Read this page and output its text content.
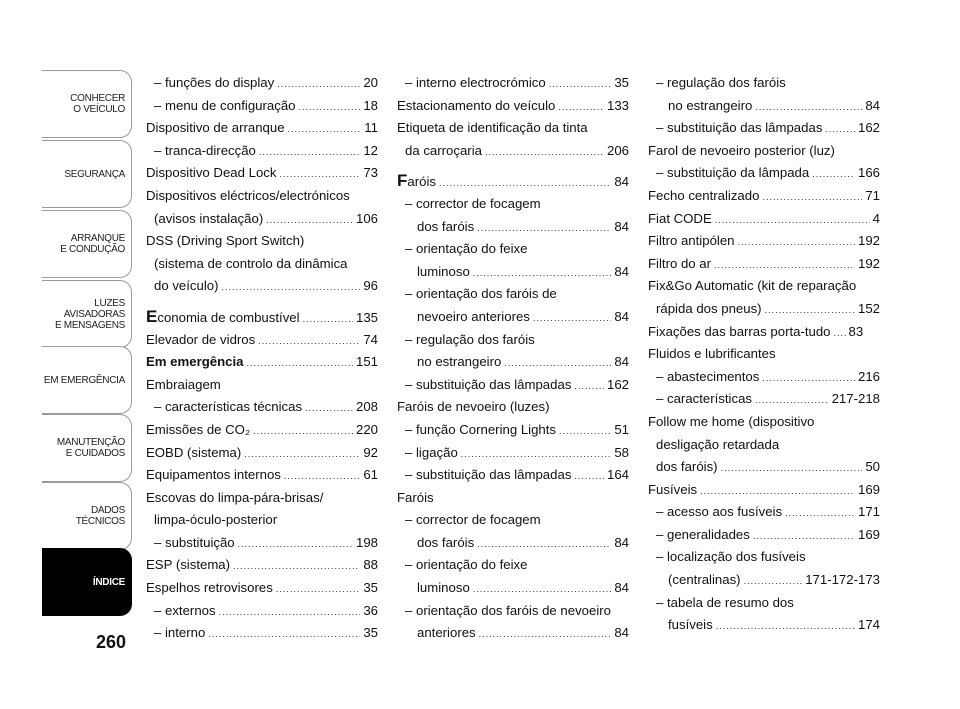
CONHECER
O VEÍCULO
SEGURANÇA
ARRANQUE
E CONDUÇÃO
LUZES
AVISADORAS
E MENSAGENS
EM EMERGÊNCIA
MANUTENÇÃO
E CUIDADOS
DADOS
TÉCNICOS
ÍNDICE
260
– funções do display .....	20
– menu de configuração .....	18
Dispositivo de arranque .....	11
– tranca-direcção .....	12
Dispositivo Dead Lock .....	73
Dispositivos eléctricos/electrónicos
(avisos instalação) .....	106
DSS (Driving Sport Switch)
(sistema de controlo da dinâmica
do veículo) .....	96
Economia de combustível .....	135
Elevador de vidros .....	74
Em emergência .....	151
Embraiagem
– características técnicas .....	208
Emissões de CO₂ .....	220
EOBD (sistema) .....	92
Equipamentos internos .....	61
Escovas do limpa-pára-brisas/
limpa-óculo-posterior
– substituição .....	198
ESP (sistema) .....	88
Espelhos retrovisores .....	35
– externos .....	36
– interno .....	35
– interno electrocrómico .....	35
Estacionamento do veículo .....	133
Etiqueta de identificação da tinta
da carroçaria .....	206
Faróis .....	84
– corrector de focagem
dos faróis .....	84
– orientação do feixe
luminoso .....	84
– orientação dos faróis de
nevoeiro anteriores .....	84
– regulação dos faróis
no estrangeiro .....	84
– substituição das lâmpadas .....	162
Faróis de nevoeiro (luzes)
– função Cornering Lights .....	51
– ligação .....	58
– substituição das lâmpadas .....	164
Faróis
– corrector de focagem
dos faróis .....	84
– orientação do feixe
luminoso .....	84
– orientação dos faróis de nevoeiro
anteriores .....	84
– regulação dos faróis
no estrangeiro .....	84
– substituição das lâmpadas .....	162
Farol de nevoeiro posterior (luz)
– substituição da lâmpada .....	166
Fecho centralizado .....	71
Fiat CODE .....	4
Filtro antipólen .....	192
Filtro do ar .....	192
Fix&Go Automatic (kit de reparação
rápida dos pneus) .....	152
Fixações das barras porta-tudo ..... 83
Fluidos e lubrificantes
– abastecimentos .....	216
– características .....	217-218
Follow me home (dispositivo
desligação retardada
dos faróis) .....	50
Fusíveis .....	169
– acesso aos fusíveis .....	171
– generalidades .....	169
– localização dos fusíveis
(centralinas) .....	171-172-173
– tabela de resumo dos
fusíveis .....	174
